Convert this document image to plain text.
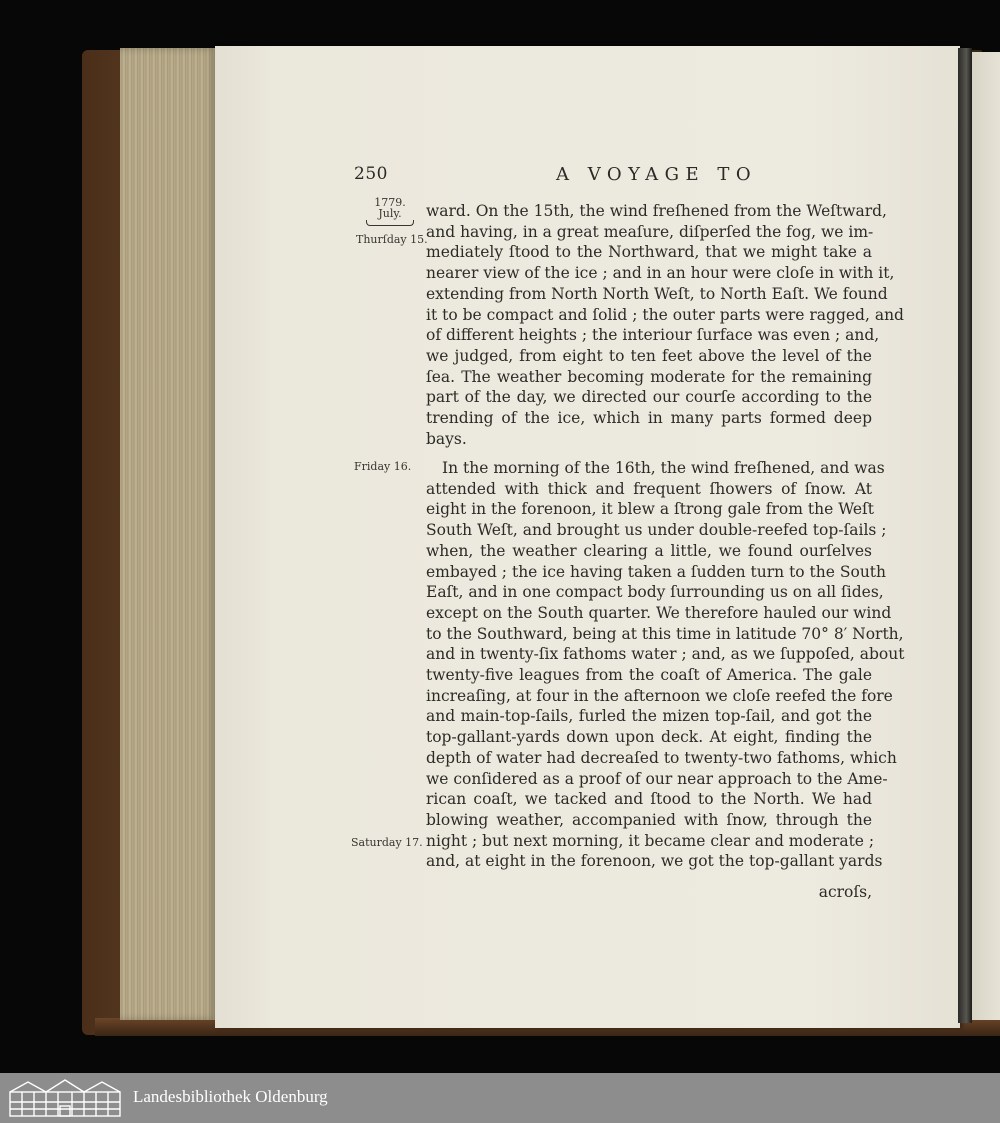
250	A VOYAGE TO
1779.
July.
Thurſday 15.
Friday 16.
Saturday 17.
ward. On the 15th, the wind freſhened from the Weſtward,
and having, in a great meaſure, diſperſed the fog, we im-
mediately ſtood to the Northward, that we might take a
nearer view of the ice ; and in an hour were cloſe in with it,
extending from North North Weſt, to North Eaſt. We found
it to be compact and ſolid ; the outer parts were ragged, and
of different heights ; the interiour ſurface was even ; and,
we judged, from eight to ten feet above the level of the
ſea. The weather becoming moderate for the remaining
part of the day, we directed our courſe according to the
trending of the ice, which in many parts formed deep
bays.
In the morning of the 16th, the wind freſhened, and was
attended with thick and frequent ſhowers of ſnow. At
eight in the forenoon, it blew a ſtrong gale from the Weſt
South Weſt, and brought us under double-reefed top-ſails ;
when, the weather clearing a little, we found ourſelves
embayed ; the ice having taken a ſudden turn to the South
Eaſt, and in one compact body ſurrounding us on all ſides,
except on the South quarter. We therefore hauled our wind
to the Southward, being at this time in latitude 70° 8′ North,
and in twenty-ſix fathoms water ; and, as we ſuppoſed, about
twenty-five leagues from the coaſt of America. The gale
increaſing, at four in the afternoon we cloſe reefed the fore
and main-top-ſails, furled the mizen top-ſail, and got the
top-gallant-yards down upon deck. At eight, finding the
depth of water had decreaſed to twenty-two fathoms, which
we conſidered as a proof of our near approach to the Ame-
rican coaſt, we tacked and ſtood to the North. We had
blowing weather, accompanied with ſnow, through the
night ; but next morning, it became clear and moderate ;
and, at eight in the forenoon, we got the top-gallant yards
acroſs,
Landesbibliothek Oldenburg
